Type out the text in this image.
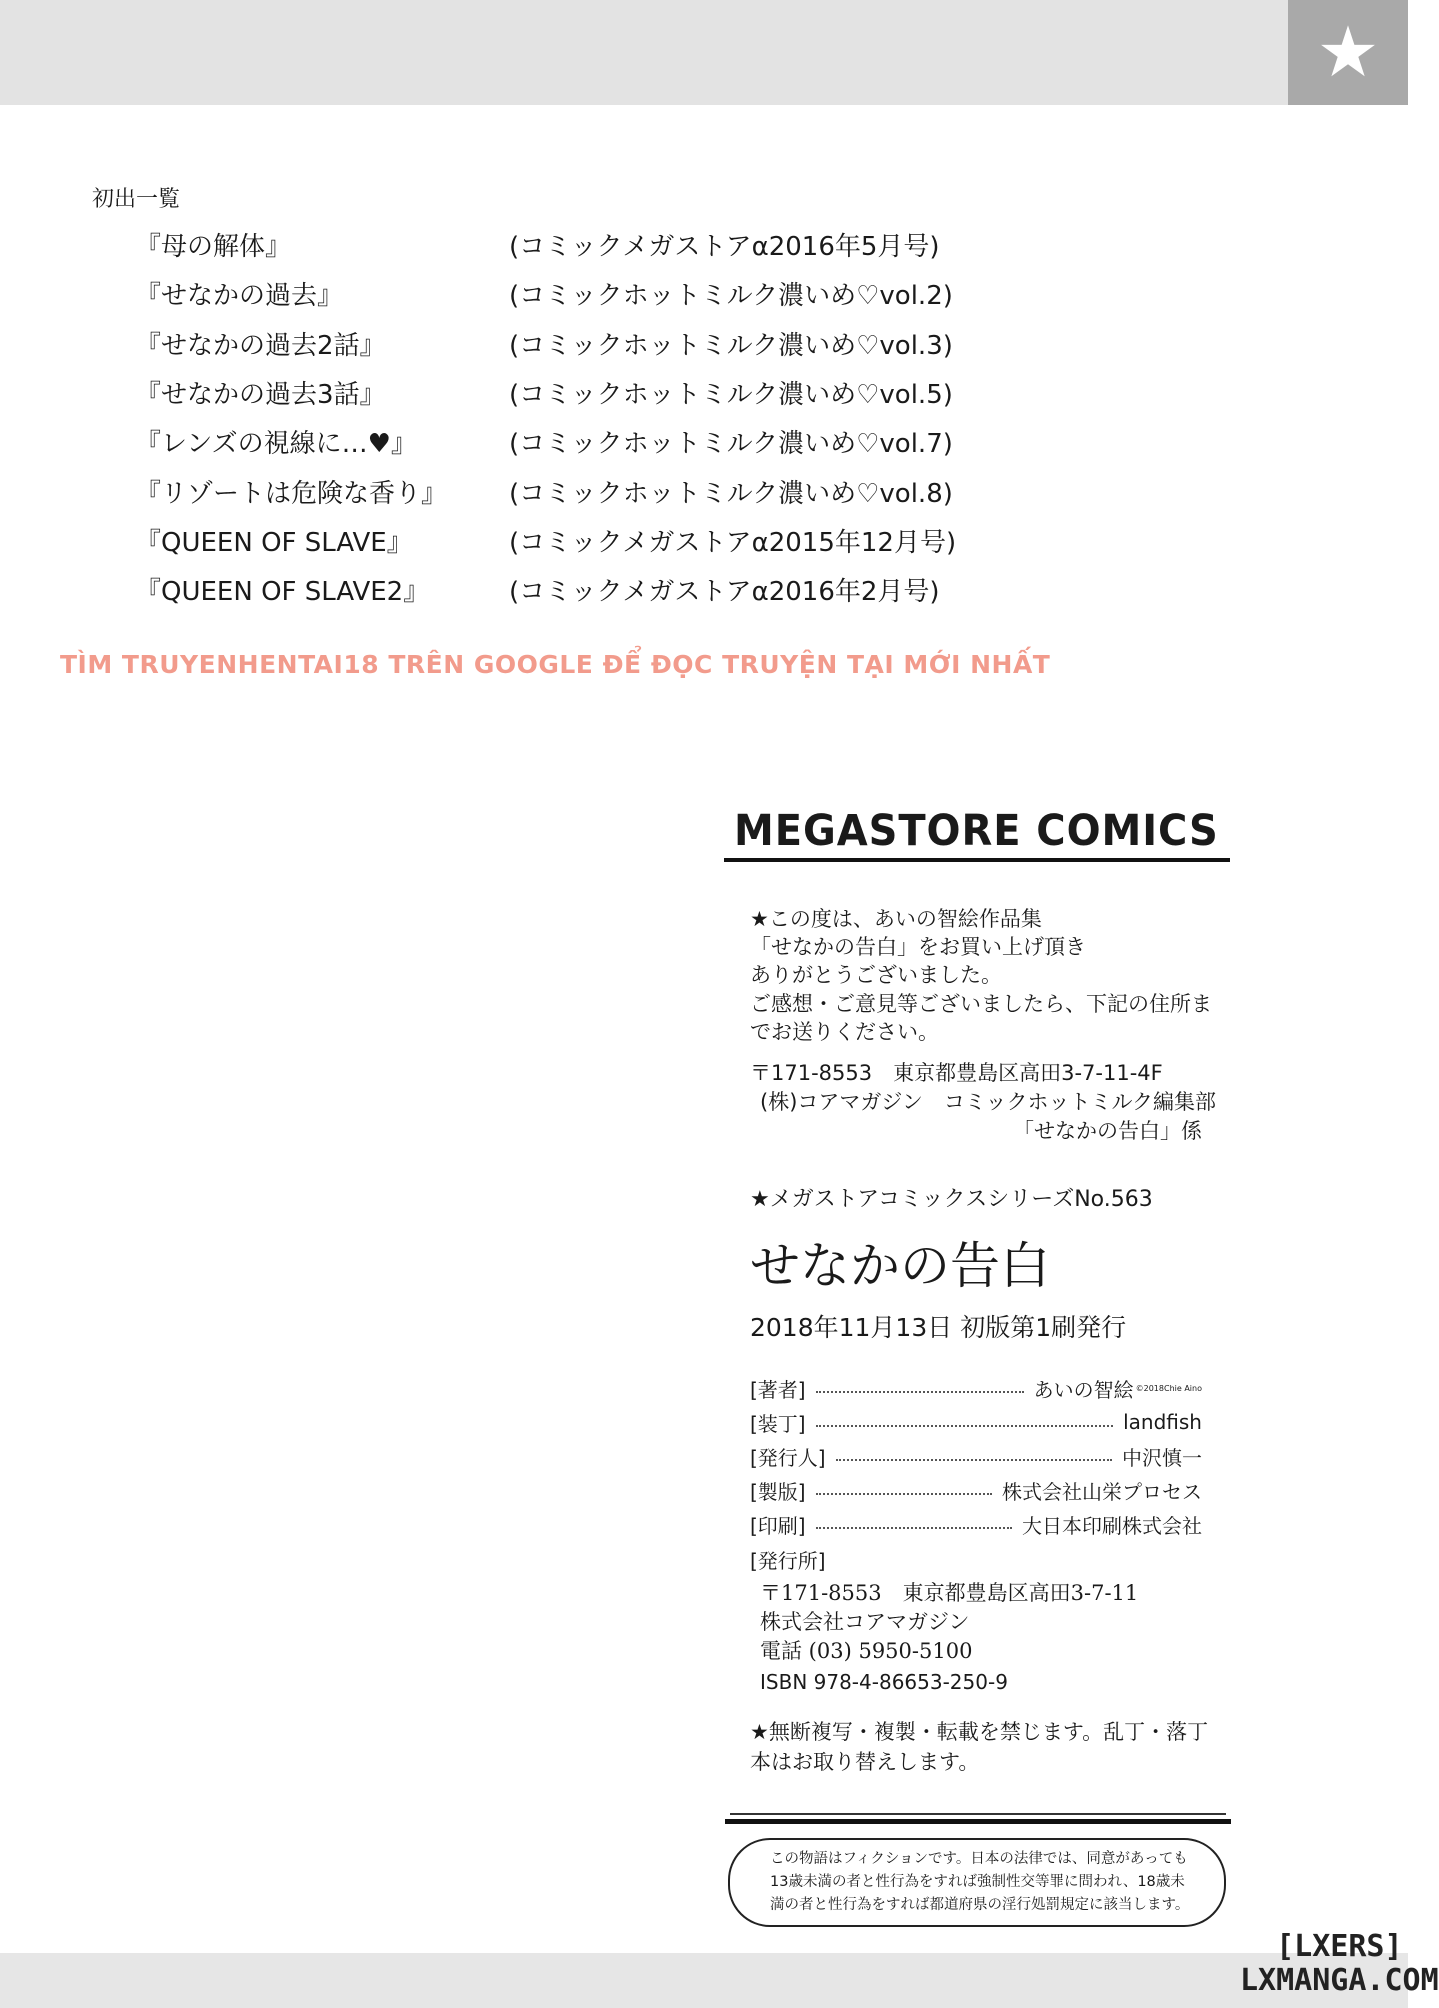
★
初出一覧
『母の解体』	(コミックメガストアα2016年5月号)
『せなかの過去』	(コミックホットミルク濃いめ♡vol.2)
『せなかの過去2話』	(コミックホットミルク濃いめ♡vol.3)
『せなかの過去3話』	(コミックホットミルク濃いめ♡vol.5)
『レンズの視線に…♥』	(コミックホットミルク濃いめ♡vol.7)
『リゾートは危険な香り』 (コミックホットミルク濃いめ♡vol.8)
『QUEEN OF SLAVE』	(コミックメガストアα2015年12月号)
『QUEEN OF SLAVE2』	(コミックメガストアα2016年2月号)
MEGASTORE COMICS
★この度は、あいの智絵作品集
「せなかの告白」をお買い上げ頂き
ありがとうございました。
ご感想・ご意見等ございましたら、下記の住所ま
でお送りください。
〒171-8553　東京都豊島区高田3-7-11-4F
(株)コアマガジン　コミックホットミルク編集部
「せなかの告白」係
★メガストアコミックスシリーズNo.563
せなかの告白
2018年11月13日 初版第1刷発行
[著者]	あいの智絵 ©2018Chie Aino
[装丁]	landfish
[発行人]	中沢慎一
[製版]	株式会社山栄プロセス
[印刷]	大日本印刷株式会社
[発行所]
〒171-8553　東京都豊島区高田3-7-11
株式会社コアマガジン
電話 (03) 5950-5100
ISBN 978-4-86653-250-9
★無断複写・複製・転載を禁じます。乱丁・落丁
本はお取り替えします。
この物語はフィクションです。日本の法律では、同意があっても13歳未満の者と性行為をすれば強制性交等罪に問われ、18歳未満の者と性行為をすれば都道府県の淫行処罰規定に該当します。
TÌM TRUYENHENTAI18 TRÊN GOOGLE ĐỂ ĐỌC TRUYỆN TẠI MỚI NHẤT
[LXERS]
LXMANGA.COM
